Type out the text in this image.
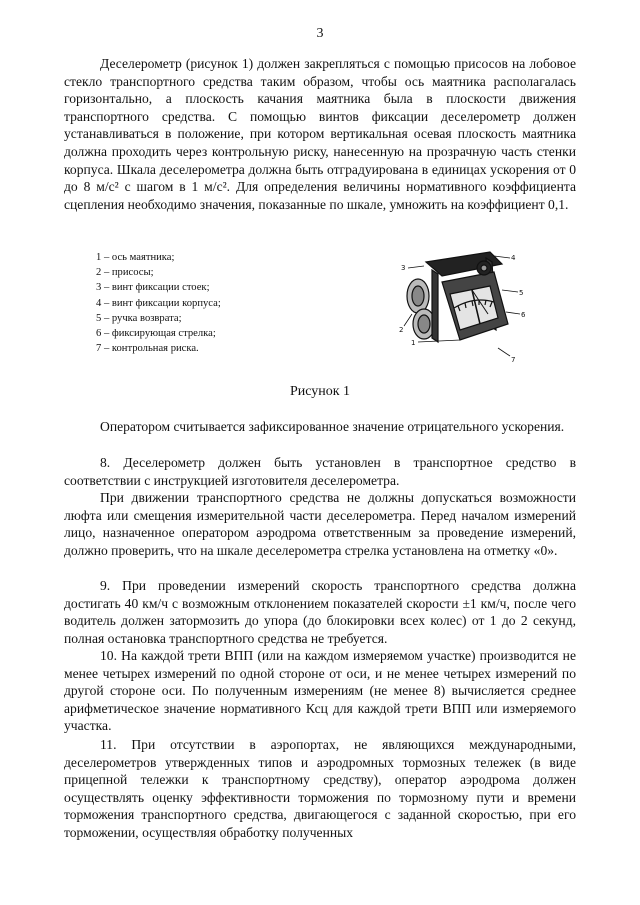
3
Деселерометр (рисунок 1) должен закрепляться с помощью присосов на лобовое стекло транспортного средства таким образом, чтобы ось маятника располагалась горизонтально, а плоскость качания маятника была в плоскости движения транспортного средства. С помощью винтов фиксации деселерометр должен устанавливаться в положение, при котором вертикальная осевая плоскость маятника должна проходить через контрольную риску, нанесенную на прозрачную часть стенки корпуса. Шкала деселерометра должна быть отградуирована в единицах ускорения от 0 до 8 м/с² с шагом в 1 м/с². Для определения величины нормативного коэффициента сцепления необходимо значения, показанные по шкале, умножить на коэффициент 0,1.
1 – ось маятника;
2 – присосы;
3 – винт фиксации стоек;
4 – винт фиксации корпуса;
5 – ручка возврата;
6 – фиксирующая стрелка;
7 – контрольная риска.
3
4
5
2
6
1
7
Рисунок 1
Оператором считывается зафиксированное значение отрицательного ускорения.
8. Деселерометр должен быть установлен в транспортное средство в соответствии с инструкцией изготовителя деселерометра.
При движении транспортного средства не должны допускаться возможности люфта или смещения измерительной части деселерометра. Перед началом измерений лицо, назначенное оператором аэродрома ответственным за проведение измерений, должно проверить, что на шкале деселерометра стрелка установлена на отметку «0».
9. При проведении измерений скорость транспортного средства должна достигать 40 км/ч с возможным отклонением показателей скорости ±1 км/ч, после чего водитель должен затормозить до упора (до блокировки всех колес) от 1 до 2 секунд, полная остановка транспортного средства не требуется.
10. На каждой трети ВПП (или на каждом измеряемом участке) производится не менее четырех измерений по одной стороне от оси, и не менее четырех измерений по другой стороне оси. По полученным измерениям (не менее 8) вычисляется среднее арифметическое значение нормативного Ксц для каждой трети ВПП или измеряемого участка.
11. При отсутствии в аэропортах, не являющихся международными, деселерометров утвержденных типов и аэродромных тормозных тележек (в виде прицепной тележки к транспортному средству), оператор аэродрома должен осуществлять оценку эффективности торможения по тормозному пути и времени торможения транспортного средства, двигающегося с заданной скоростью, при его торможении, осуществляя обработку полученных
